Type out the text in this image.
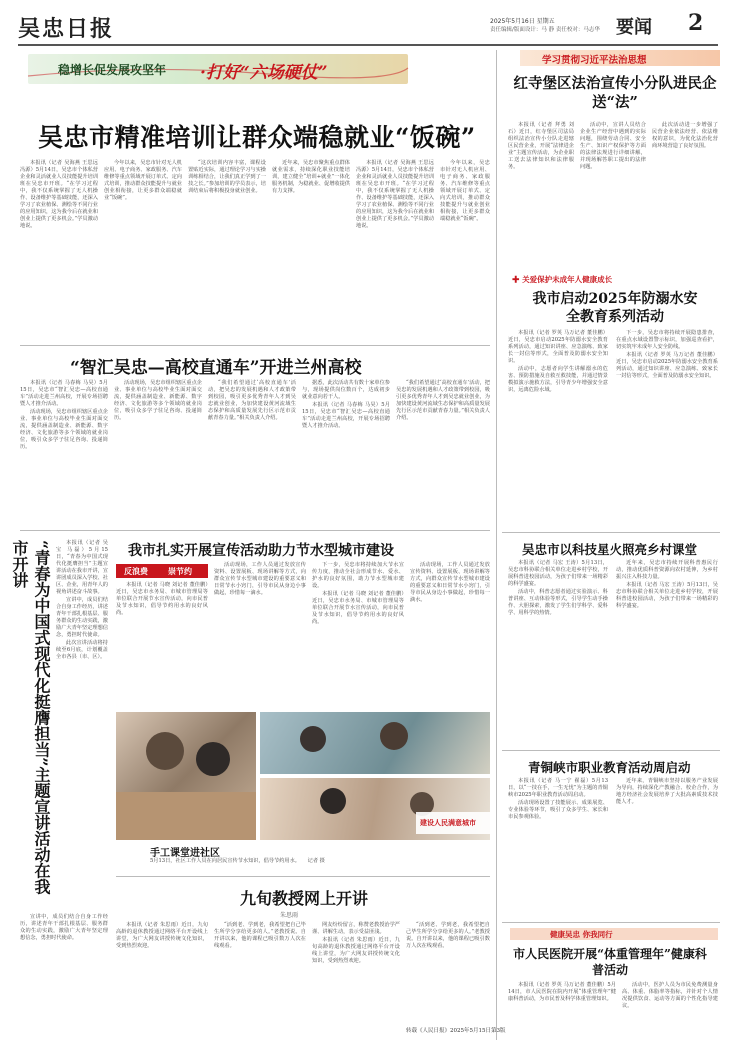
吴忠日报	2025年5月16日 星期五
责任编辑/版面设计：马 静 责任校对：马志华 要闻 2
稳增长促发展攻坚年 ·打好“六场硬仗”
吴忠市精准培训让群众端稳就业“饭碗”

本报讯（记者 吴海燕 王思远 冯源）5月14日，吴忠市个体私营企业和灵活就业人员技能提升培训班在吴忠市开班。“在学习过程中，我不仅系统掌握了无人机操作、设备维护等基础技能，还深入学习了农业植保、测绘等不同行业的应用知识，这为我今后在就业和创业上提供了更多机会。”学员激动地说。

今年以来，吴忠市针对无人机应用、电子商务、家政服务、汽车维修等重点领域开展订单式、定向式培训，推动群众技能提升与就业创业相衔接，让更多群众端稳就业“饭碗”。

“这次培训内容丰富，课程设置贴近实际，通过理论学习与实操训练相结合，让我们真正学到了一技之长。”参加培训的学员表示，培训结束后将积极投身就业创业。

近年来，吴忠市聚焦重点群体就业需求，持续深化职业技能培训，建立健全“培训+就业”一体化服务机制，为稳就业、促增收提供有力支撑。

本报讯（记者 吴海燕 王思远 冯源）5月14日，吴忠市个体私营企业和灵活就业人员技能提升培训班在吴忠市开班。“在学习过程中，我不仅系统掌握了无人机操作、设备维护等基础技能，还深入学习了农业植保、测绘等不同行业的应用知识，这为我今后在就业和创业上提供了更多机会。”学员激动地说。

今年以来，吴忠市针对无人机应用、电子商务、家政服务、汽车维修等重点领域开展订单式、定向式培训，推动群众技能提升与就业创业相衔接，让更多群众端稳就业“饭碗”。

“智汇吴忠—高校直通车”开进兰州高校

本报讯（记者 马春梅 马昊）5月15日，吴忠市“智汇吴忠—高校直通车”活动走进兰州高校，开展专场招聘暨人才推介活动。

活动现场，吴忠市组织辖区重点企业、事业单位与高校毕业生面对面交流，提供涵盖制造业、新能源、数字经济、文化旅游等多个领域的就业岗位，吸引众多学子驻足咨询、投递简历。

活动现场，吴忠市组织辖区重点企业、事业单位与高校毕业生面对面交流，提供涵盖制造业、新能源、数字经济、文化旅游等多个领域的就业岗位，吸引众多学子驻足咨询、投递简历。

“我们希望通过‘高校直通车’活动，把吴忠的发展机遇和人才政策带到校园，吸引更多优秀青年人才到吴忠就业创业，为加快建设黄河流域生态保护和高质量发展先行区示范市贡献青春力量。”相关负责人介绍。

据悉，此次活动共有数十家单位参与，现场提供岗位数百个，达成初步就业意向若干人。

本报讯（记者 马春梅 马昊）5月15日，吴忠市“智汇吴忠—高校直通车”活动走进兰州高校，开展专场招聘暨人才推介活动。

“我们希望通过‘高校直通车’活动，把吴忠的发展机遇和人才政策带到校园，吸引更多优秀青年人才到吴忠就业创业，为加快建设黄河流域生态保护和高质量发展先行区示范市贡献青春力量。”相关负责人介绍。

学习贯彻习近平法治思想
红寺堡区法治宣传小分队进民企送“法”

本报讯（记者 拜勇 刘石）近日，红寺堡区司法局组织法治宣传小分队走进辖区民营企业，开展“法律进企业”主题宣传活动，为企业职工送去法律知识和法律服务。

活动中，宣讲人员结合企业生产经营中遇到的实际问题，围绕劳动合同、安全生产、知识产权保护等方面的法律法规进行详细讲解，并现场解答职工提出的法律问题。

此次活动进一步增强了民营企业依法经营、依法维权的意识，为优化法治化营商环境营造了良好氛围。

✚ 关爱保护未成年人健康成长
我市启动2025年防溺水安全教育系列活动

本报讯（记者 罗英 马万记者 董佳鹏）近日，吴忠市启动2025年防溺水安全教育系列活动，通过知识讲座、应急演练、致家长一封信等形式，全面普及防溺水安全知识。

活动中，志愿者向学生讲解溺水的危害、预防措施及自救互救技能，并通过情景模拟演示施救方法，引导青少年增强安全意识，远离危险水域。

下一步，吴忠市将持续开展隐患排查，在重点水域设置警示标识，加强巡查看护，切实筑牢未成年人安全防线。

本报讯（记者 罗英 马万记者 董佳鹏）近日，吴忠市启动2025年防溺水安全教育系列活动，通过知识讲座、应急演练、致家长一封信等形式，全面普及防溺水安全知识。

吴忠市以科技星火照亮乡村课堂

本报讯（记者 马宏 王涛）5月13日，吴忠市科协联合相关单位走进乡村学校，开展科普进校园活动，为孩子们带来一场精彩的科学盛宴。

活动中，科普志愿者通过实验演示、科普讲座、互动体验等形式，引导学生动手操作、大胆探索，激发了学生们学科学、爱科学、用科学的热情。

近年来，吴忠市持续开展科普惠民行动，推动优质科普资源向农村延伸，为乡村振兴注入科技力量。

本报讯（记者 马宏 王涛）5月13日，吴忠市科协联合相关单位走进乡村学校，开展科普进校园活动，为孩子们带来一场精彩的科学盛宴。

青铜峡市职业教育活动周启动

本报讯（记者 马一宁 翟磊）5月13日，以“一技在手，一生无忧”为主题的青铜峡市2025年职业教育活动周启动。

活动现场设置了技能展示、成果展览、专业体验等环节，吸引了众多学生、家长和市民参观体验。

近年来，青铜峡市坚持以服务产业发展为导向，持续深化产教融合、校企合作，为地方经济社会发展培养了大批高素质技术技能人才。

健康吴忠 你我同行
市人民医院开展“体重管理年”健康科普活动

本报讯（记者 罗英 马万记者 董佳鹏）5月14日，市人民医院在院内开展“体重管理年”健康科普活动，为市民普及科学体重管理知识。

活动中，医护人员为市民免费测量身高、体重、体脂率等指标，并针对个人情况提供饮食、运动等方面的个性化指导建议。

“青春为中国式现代化挺膺担当”主题宣讲活动在我市开讲	本报讯（记者 吴宝 马磊）5月15日，“青春为中国式现代化挺膺担当”主题宣讲活动在我市开讲，宣讲团成员深入学校、社区、企业，用青年人的视角讲述奋斗故事。

宣讲中，成员们结合自身工作经历，讲述青年干部扎根基层、服务群众的生动实践，激励广大青年坚定理想信念，勇担时代使命。

此次宣讲活动将持续至6月底，计划覆盖全市各县（市、区）。

宣讲中，成员们结合自身工作经历，讲述青年干部扎根基层、服务群众的生动实践，激励广大青年坚定理想信念，勇担时代使命。

我市扎实开展宣传活动助力节水型城市建设
反浪费	崇节约

本报讯（记者 马晓 刘记者 董佳鹏）近日，吴忠市水务局、市城市管理局等单位联合开展节水宣传活动，向市民普及节水知识，倡导节约用水的良好风尚。

活动现场，工作人员通过发放宣传资料、设置展板、现场讲解等方式，向群众宣传节水型城市建设的重要意义和日常节水小窍门，引导市民从身边小事做起，珍惜每一滴水。

下一步，吴忠市将持续加大节水宣传力度，推动全社会形成节水、爱水、护水的良好氛围，助力节水型城市建设。

本报讯（记者 马晓 刘记者 董佳鹏）近日，吴忠市水务局、市城市管理局等单位联合开展节水宣传活动，向市民普及节水知识，倡导节约用水的良好风尚。

活动现场，工作人员通过发放宣传资料、设置展板、现场讲解等方式，向群众宣传节水型城市建设的重要意义和日常节水小窍门，引导市民从身边小事做起，珍惜每一滴水。

建设人民满意城市
手工课堂进社区
5月13日，社区工作人员在向居民宣传节水知识，倡导节约用水。 记者 摄
九旬教授网上开讲
朱思雨

本报讯（记者 朱思雨）近日，九旬高龄的退休教授通过网络平台开设线上讲堂，为广大网友讲授传统文化知识，受到热烈欢迎。

“活到老、学到老，我希望把自己毕生所学分享给更多的人。”老教授说。自开讲以来，他的课程已吸引数万人次在线观看。

网友纷纷留言，称赞老教授治学严谨、讲解生动，表示受益匪浅。

本报讯（记者 朱思雨）近日，九旬高龄的退休教授通过网络平台开设线上讲堂，为广大网友讲授传统文化知识，受到热烈欢迎。

“活到老、学到老，我希望把自己毕生所学分享给更多的人。”老教授说。自开讲以来，他的课程已吸引数万人次在线观看。

转载《人民日报》2025年5月15日第3版
